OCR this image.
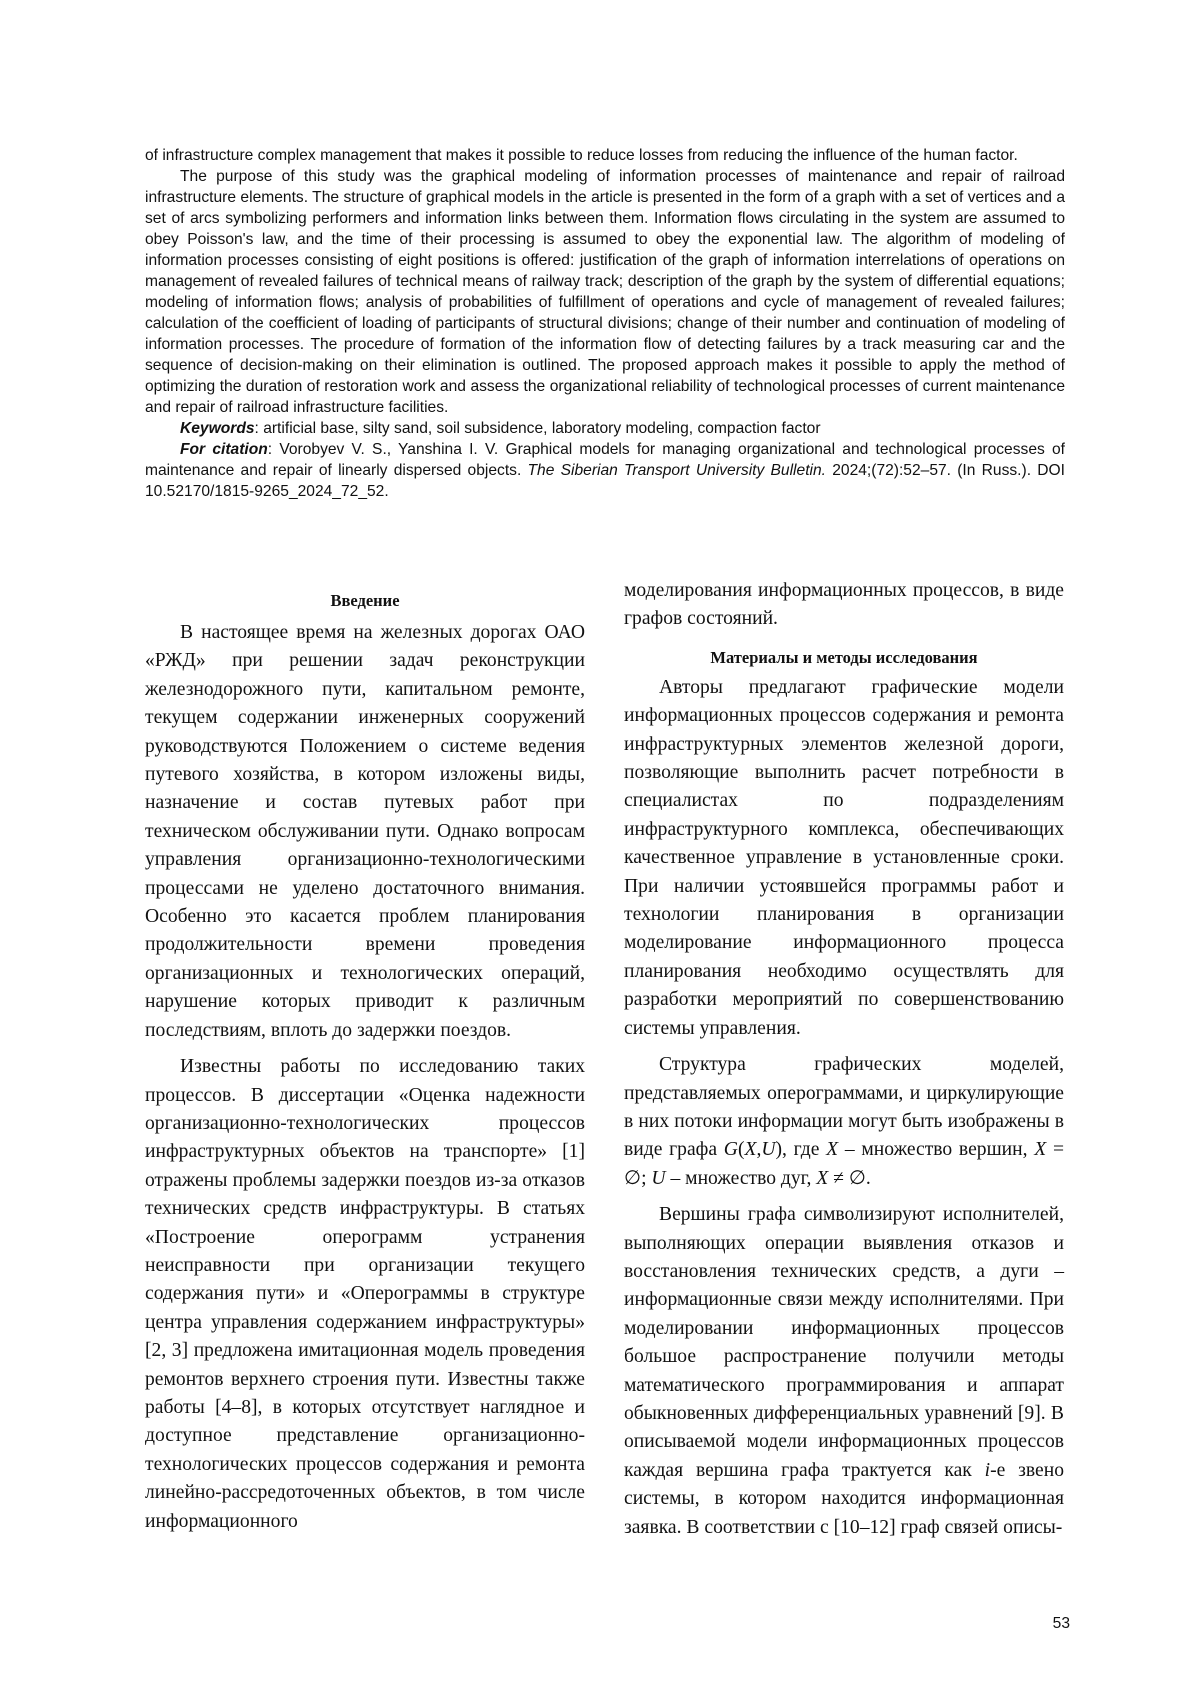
of infrastructure complex management that makes it possible to reduce losses from reducing the influence of the human factor.

The purpose of this study was the graphical modeling of information processes of maintenance and repair of railroad infrastructure elements. The structure of graphical models in the article is presented in the form of a graph with a set of vertices and a set of arcs symbolizing performers and information links between them. Information flows circulating in the system are assumed to obey Poisson's law, and the time of their processing is assumed to obey the exponential law. The algorithm of modeling of information processes consisting of eight positions is offered: justification of the graph of information interrelations of operations on management of revealed failures of technical means of railway track; description of the graph by the system of differential equations; modeling of information flows; analysis of probabilities of fulfillment of operations and cycle of management of revealed failures; calculation of the coefficient of loading of participants of structural divisions; change of their number and continuation of modeling of information processes. The procedure of formation of the information flow of detecting failures by a track measuring car and the sequence of decision-making on their elimination is outlined. The proposed approach makes it possible to apply the method of optimizing the duration of restoration work and assess the organizational reliability of technological processes of current maintenance and repair of railroad infrastructure facilities.

Keywords: artificial base, silty sand, soil subsidence, laboratory modeling, compaction factor

For citation: Vorobyev V. S., Yanshina I. V. Graphical models for managing organizational and technological processes of maintenance and repair of linearly dispersed objects. The Siberian Transport University Bulletin. 2024;(72):52–57. (In Russ.). DOI 10.52170/1815-9265_2024_72_52.

Введение

В настоящее время на железных дорогах ОАО «РЖД» при решении задач реконструкции железнодорожного пути, капитальном ремонте, текущем содержании инженерных сооружений руководствуются Положением о системе ведения путевого хозяйства, в котором изложены виды, назначение и состав путевых работ при техническом обслуживании пути. Однако вопросам управления организационно-технологическими процессами не уделено достаточного внимания. Особенно это касается проблем планирования продолжительности времени проведения организационных и технологических операций, нарушение которых приводит к различным последствиям, вплоть до задержки поездов.

Известны работы по исследованию таких процессов. В диссертации «Оценка надежности организационно-технологических процессов инфраструктурных объектов на транспорте» [1] отражены проблемы задержки поездов из-за отказов технических средств инфраструктуры. В статьях «Построение оперограмм устранения неисправности при организации текущего содержания пути» и «Оперограммы в структуре центра управления содержанием инфраструктуры» [2, 3] предложена имитационная модель проведения ремонтов верхнего строения пути. Известны также работы [4–8], в которых отсутствует наглядное и доступное представление организационно-технологических процессов содержания и ремонта линейно-рассредоточенных объектов, в том числе информационного

моделирования информационных процессов, в виде графов состояний.

Материалы и методы исследования

Авторы предлагают графические модели информационных процессов содержания и ремонта инфраструктурных элементов железной дороги, позволяющие выполнить расчет потребности в специалистах по подразделениям инфраструктурного комплекса, обеспечивающих качественное управление в установленные сроки. При наличии устоявшейся программы работ и технологии планирования в организации моделирование информационного процесса планирования необходимо осуществлять для разработки мероприятий по совершенствованию системы управления.

Структура графических моделей, представляемых оперограммами, и циркулирующие в них потоки информации могут быть изображены в виде графа G(X,U), где X – множество вершин, X = ∅; U – множество дуг, X ≠ ∅.

Вершины графа символизируют исполнителей, выполняющих операции выявления отказов и восстановления технических средств, а дуги – информационные связи между исполнителями. При моделировании информационных процессов большое распространение получили методы математического программирования и аппарат обыкновенных дифференциальных уравнений [9]. В описываемой модели информационных процессов каждая вершина графа трактуется как i-е звено системы, в котором находится информационная заявка. В соответствии с [10–12] граф связей описы-

53
